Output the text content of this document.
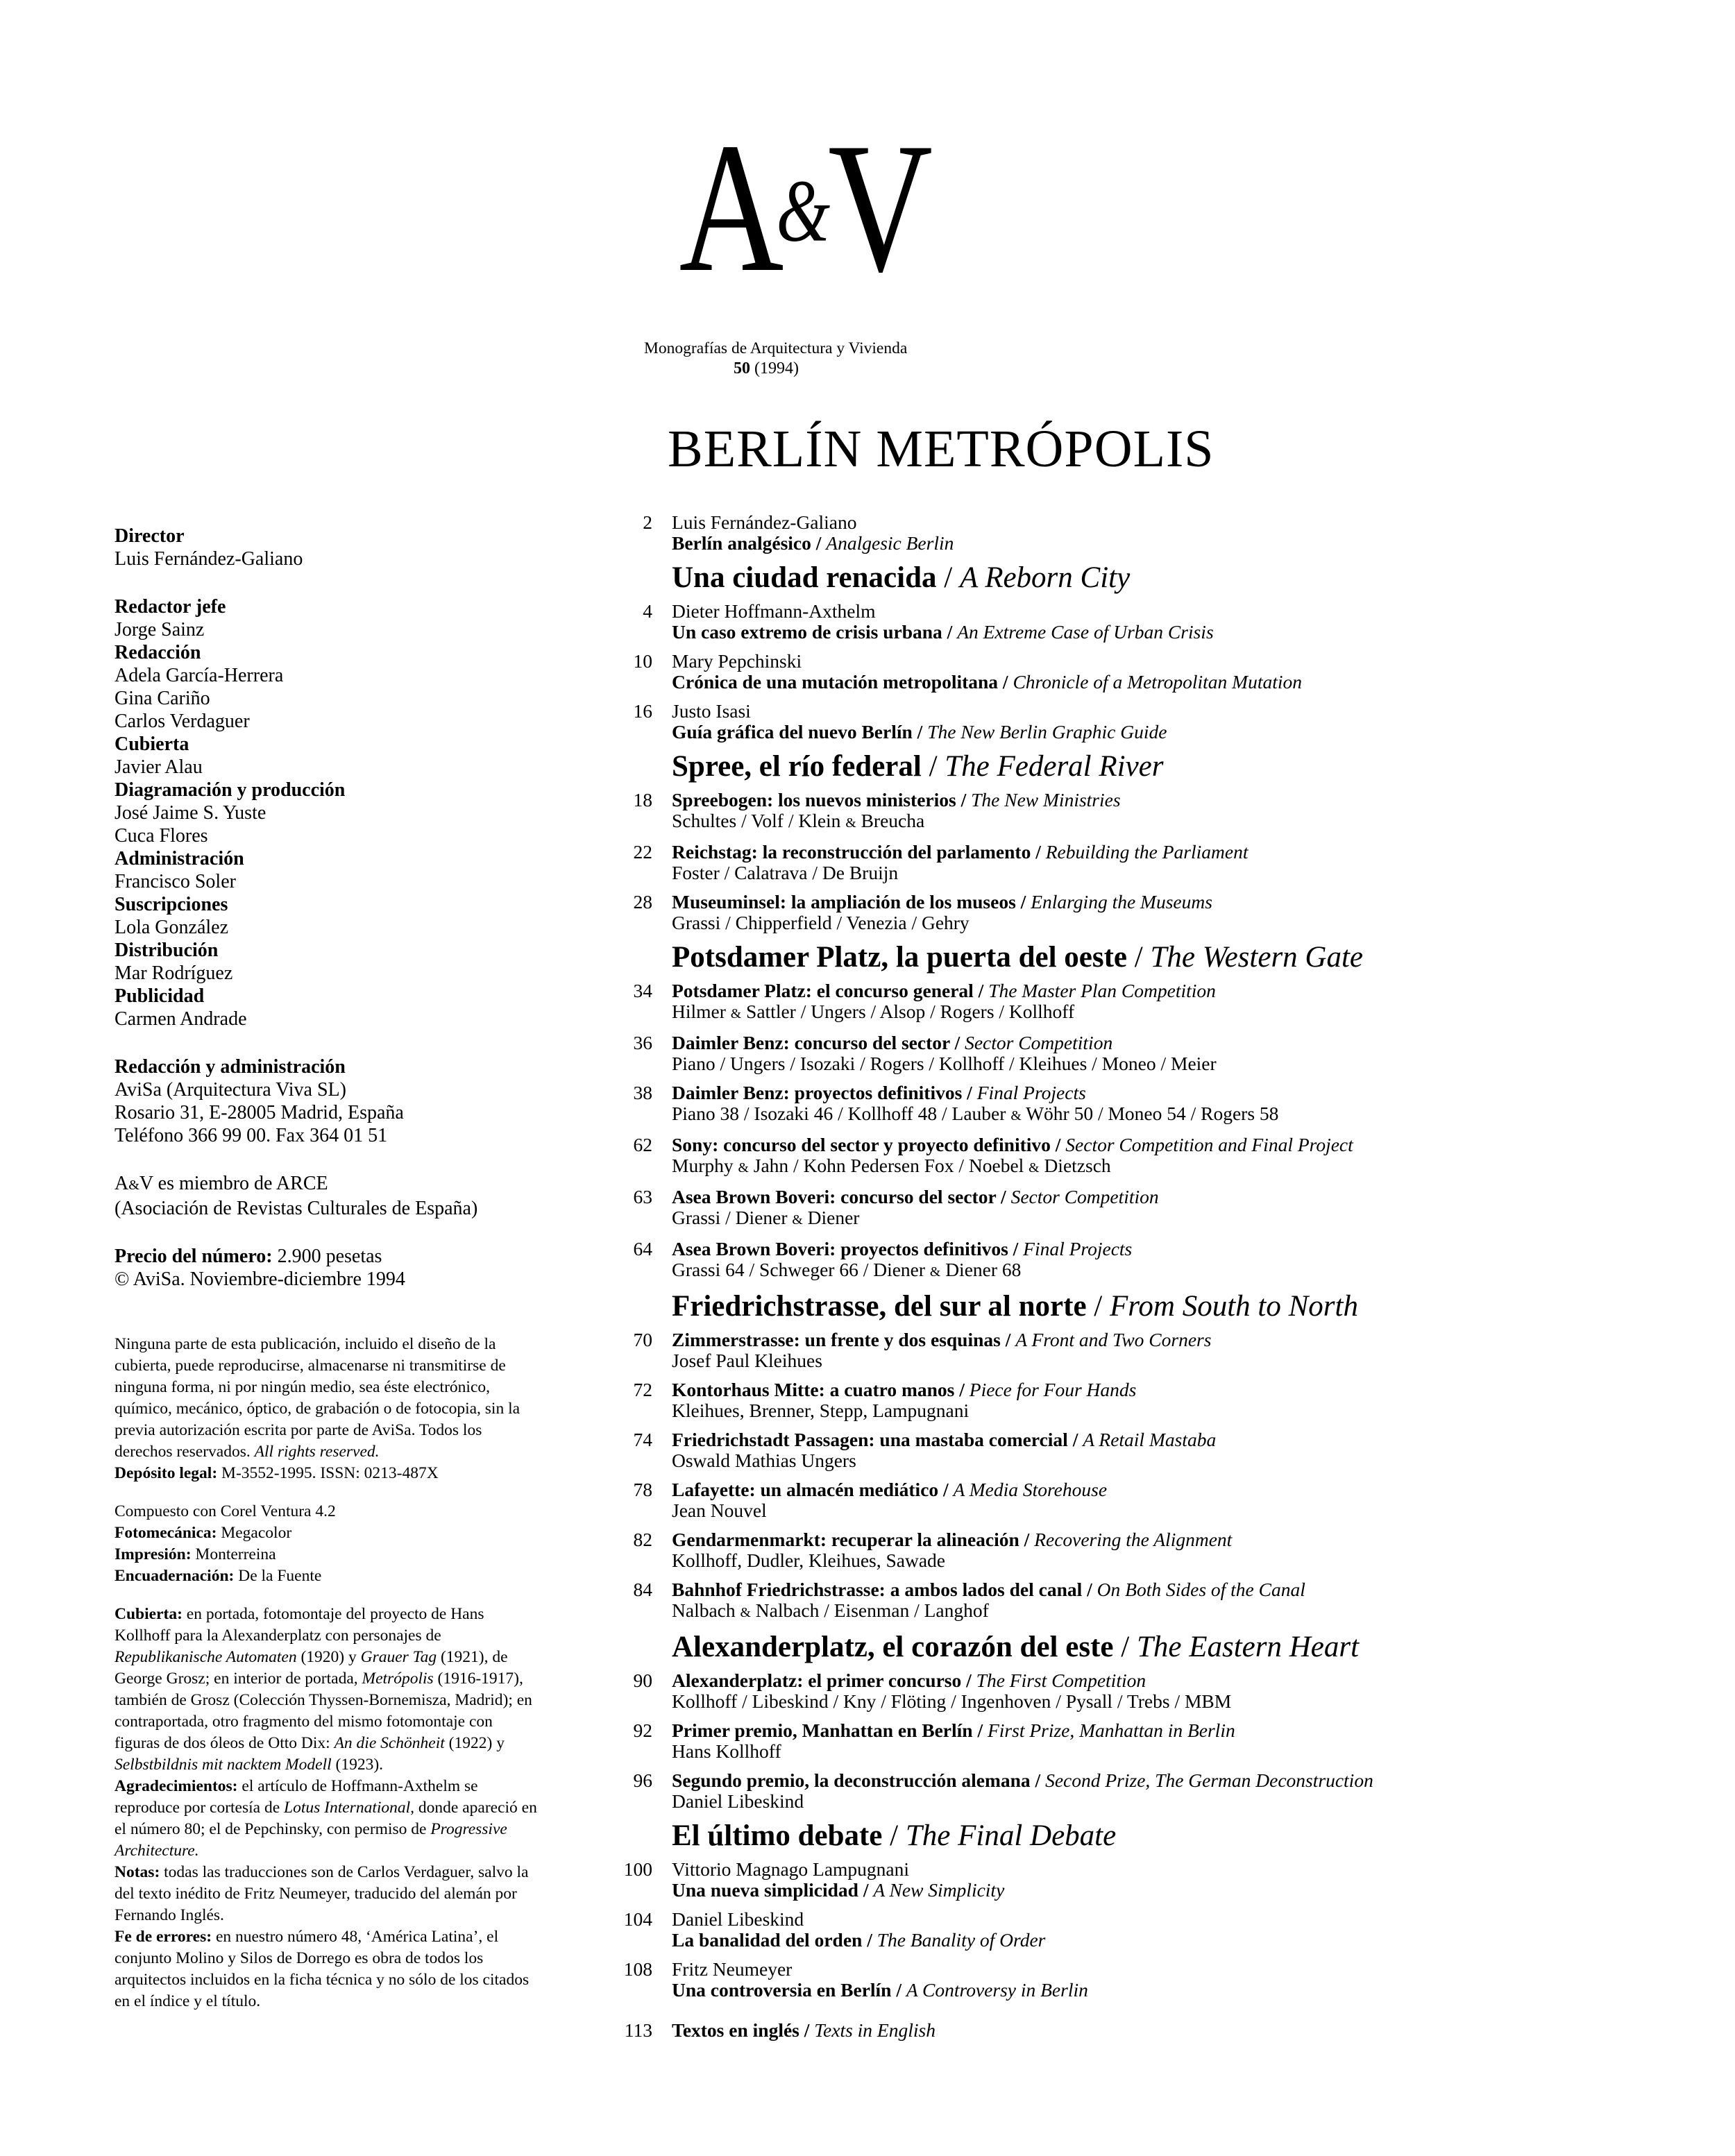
A&V
Monografías de Arquitectura y Vivienda
50 (1994)
BERLÍN METRÓPOLIS
Director
Luis Fernández-Galiano
Redactor jefe
Jorge Sainz
Redacción
Adela García-Herrera
Gina Cariño
Carlos Verdaguer
Cubierta
Javier Alau
Diagramación y producción
José Jaime S. Yuste
Cuca Flores
Administración
Francisco Soler
Suscripciones
Lola González
Distribución
Mar Rodríguez
Publicidad
Carmen Andrade
Redacción y administración
AviSa (Arquitectura Viva SL)
Rosario 31, E-28005 Madrid, España
Teléfono 366 99 00. Fax 364 01 51
A&V es miembro de ARCE
(Asociación de Revistas Culturales de España)
Precio del número: 2.900 pesetas
© AviSa. Noviembre-diciembre 1994
Ninguna parte de esta publicación, incluido el diseño de la
cubierta, puede reproducirse, almacenarse ni transmitirse de
ninguna forma, ni por ningún medio, sea éste electrónico,
químico, mecánico, óptico, de grabación o de fotocopia, sin la
previa autorización escrita por parte de AviSa. Todos los
derechos reservados. All rights reserved.
Depósito legal: M-3552-1995. ISSN: 0213-487X
Compuesto con Corel Ventura 4.2
Fotomecánica: Megacolor
Impresión: Monterreina
Encuadernación: De la Fuente
Cubierta: en portada, fotomontaje del proyecto de Hans
Kollhoff para la Alexanderplatz con personajes de
Republikanische Automaten (1920) y Grauer Tag (1921), de
George Grosz; en interior de portada, Metrópolis (1916-1917),
también de Grosz (Colección Thyssen-Bornemisza, Madrid); en
contraportada, otro fragmento del mismo fotomontaje con
figuras de dos óleos de Otto Dix: An die Schönheit (1922) y
Selbstbildnis mit nacktem Modell (1923).
Agradecimientos: el artículo de Hoffmann-Axthelm se
reproduce por cortesía de Lotus International, donde apareció en
el número 80; el de Pepchinsky, con permiso de Progressive
Architecture.
Notas: todas las traducciones son de Carlos Verdaguer, salvo la
del texto inédito de Fritz Neumeyer, traducido del alemán por
Fernando Inglés.
Fe de errores: en nuestro número 48, ‘América Latina’, el
conjunto Molino y Silos de Dorrego es obra de todos los
arquitectos incluidos en la ficha técnica y no sólo de los citados
en el índice y el título.
2 Luis Fernández-Galiano
Berlín analgésico / Analgesic Berlin
Una ciudad renacida / A Reborn City
4 Dieter Hoffmann-Axthelm
Un caso extremo de crisis urbana / An Extreme Case of Urban Crisis
10 Mary Pepchinski
Crónica de una mutación metropolitana / Chronicle of a Metropolitan Mutation
16 Justo Isasi
Guía gráfica del nuevo Berlín / The New Berlin Graphic Guide
Spree, el río federal / The Federal River
18 Spreebogen: los nuevos ministerios / The New Ministries
Schultes / Volf / Klein & Breucha
22 Reichstag: la reconstrucción del parlamento / Rebuilding the Parliament
Foster / Calatrava / De Bruijn
28 Museuminsel: la ampliación de los museos / Enlarging the Museums
Grassi / Chipperfield / Venezia / Gehry
Potsdamer Platz, la puerta del oeste / The Western Gate
34 Potsdamer Platz: el concurso general / The Master Plan Competition
Hilmer & Sattler / Ungers / Alsop / Rogers / Kollhoff
36 Daimler Benz: concurso del sector / Sector Competition
Piano / Ungers / Isozaki / Rogers / Kollhoff / Kleihues / Moneo / Meier
38 Daimler Benz: proyectos definitivos / Final Projects
Piano 38 / Isozaki 46 / Kollhoff 48 / Lauber & Wöhr 50 / Moneo 54 / Rogers 58
62 Sony: concurso del sector y proyecto definitivo / Sector Competition and Final Project
Murphy & Jahn / Kohn Pedersen Fox / Noebel & Dietzsch
63 Asea Brown Boveri: concurso del sector / Sector Competition
Grassi / Diener & Diener
64 Asea Brown Boveri: proyectos definitivos / Final Projects
Grassi 64 / Schweger 66 / Diener & Diener 68
Friedrichstrasse, del sur al norte / From South to North
70 Zimmerstrasse: un frente y dos esquinas / A Front and Two Corners
Josef Paul Kleihues
72 Kontorhaus Mitte: a cuatro manos / Piece for Four Hands
Kleihues, Brenner, Stepp, Lampugnani
74 Friedrichstadt Passagen: una mastaba comercial / A Retail Mastaba
Oswald Mathias Ungers
78 Lafayette: un almacén mediático / A Media Storehouse
Jean Nouvel
82 Gendarmenmarkt: recuperar la alineación / Recovering the Alignment
Kollhoff, Dudler, Kleihues, Sawade
84 Bahnhof Friedrichstrasse: a ambos lados del canal / On Both Sides of the Canal
Nalbach & Nalbach / Eisenman / Langhof
Alexanderplatz, el corazón del este / The Eastern Heart
90 Alexanderplatz: el primer concurso / The First Competition
Kollhoff / Libeskind / Kny / Flöting / Ingenhoven / Pysall / Trebs / MBM
92 Primer premio, Manhattan en Berlín / First Prize, Manhattan in Berlin
Hans Kollhoff
96 Segundo premio, la deconstrucción alemana / Second Prize, The German Deconstruction
Daniel Libeskind
El último debate / The Final Debate
100 Vittorio Magnago Lampugnani
Una nueva simplicidad / A New Simplicity
104 Daniel Libeskind
La banalidad del orden / The Banality of Order
108 Fritz Neumeyer
Una controversia en Berlín / A Controversy in Berlin
113 Textos en inglés / Texts in English
